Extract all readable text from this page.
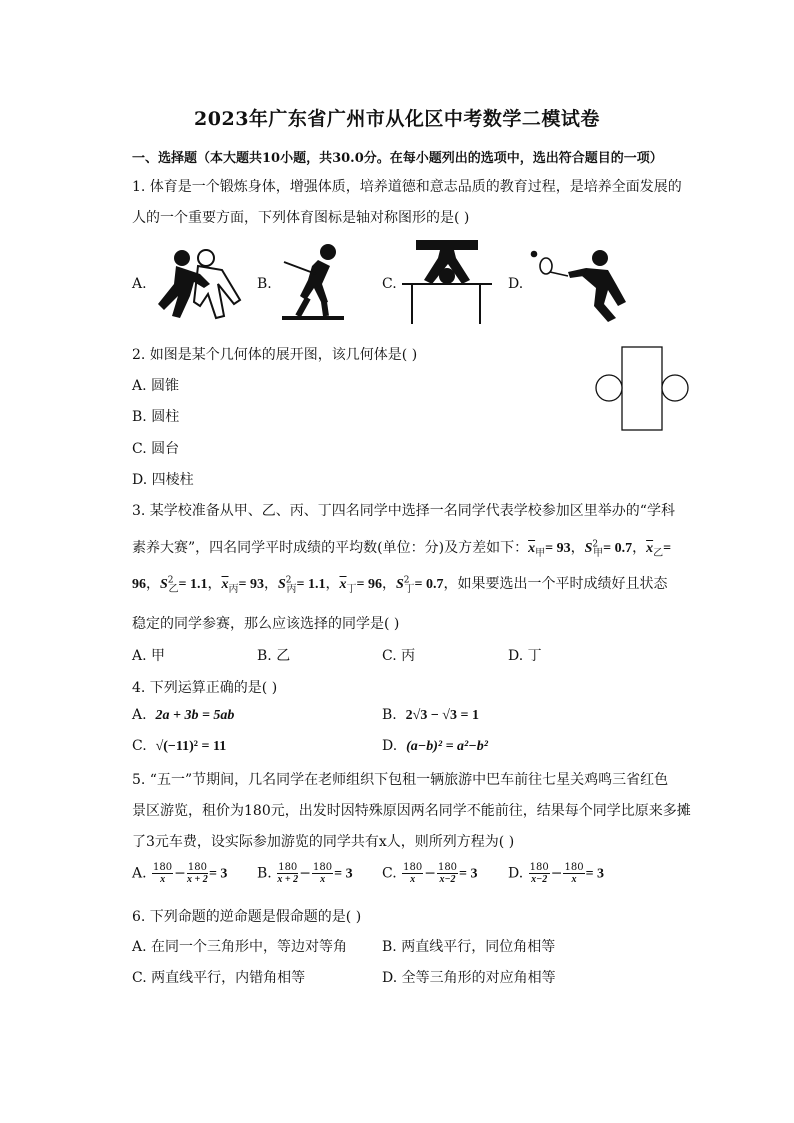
2023年广东省广州市从化区中考数学二模试卷
一、选择题（本大题共10小题，共30.0分。在每小题列出的选项中，选出符合题目的一项）
1. 体育是一个锻炼身体，增强体质，培养道德和意志品质的教育过程，是培养全面发展的
人的一个重要方面，下列体育图标是轴对称图形的是( )
A.	B.	C.	D.
2. 如图是某个几何体的展开图，该几何体是( )
A. 圆锥
B. 圆柱
C. 圆台
D. 四棱柱
3. 某学校准备从甲、乙、丙、丁四名同学中选择一名同学代表学校参加区里举办的“学科
素养大赛”，四名同学平时成绩的平均数(单位：分)及方差如下：$\overline{x}_甲= 93$，$S^2_甲= 0.7$，$\overline{x}_乙=$
96，$S^2_乙= 1.1$，$\overline{x}_丙= 93$，$S^2_丙= 1.1$，$\overline{x}_丁= 96$，$S^2_丁= 0.7$，如果要选出一个平时成绩好且状态
稳定的同学参赛，那么应该选择的同学是( )
A. 甲	B. 乙	C. 丙	D. 丁
4. 下列运算正确的是( )
A.  2a + 3b = 5ab	B.  2√3 − √3 = 1
C.  √(−11)² = 11	D.  (a−b)² = a²−b²
5. “五一”节期间，几名同学在老师组织下包租一辆旅游中巴车前往七星关鸡鸣三省红色
景区游览，租价为180元，出发时因特殊原因两名同学不能前往，结果每个同学比原来多摊
了3元车费，设实际参加游览的同学共有x人，则所列方程为( )
A. $\frac{180}{x} - \frac{180}{x + 2} = 3$ B. $\frac{180}{x + 2} - \frac{180}{x} = 3$ C. $\frac{180}{x} - \frac{180}{x-2} = 3$ D. $\frac{180}{x-2} - \frac{180}{x} = 3$
6. 下列命题的逆命题是假命题的是( )
A. 在同一个三角形中，等边对等角 B. 两直线平行，同位角相等
C. 两直线平行，内错角相等	D. 全等三角形的对应角相等
